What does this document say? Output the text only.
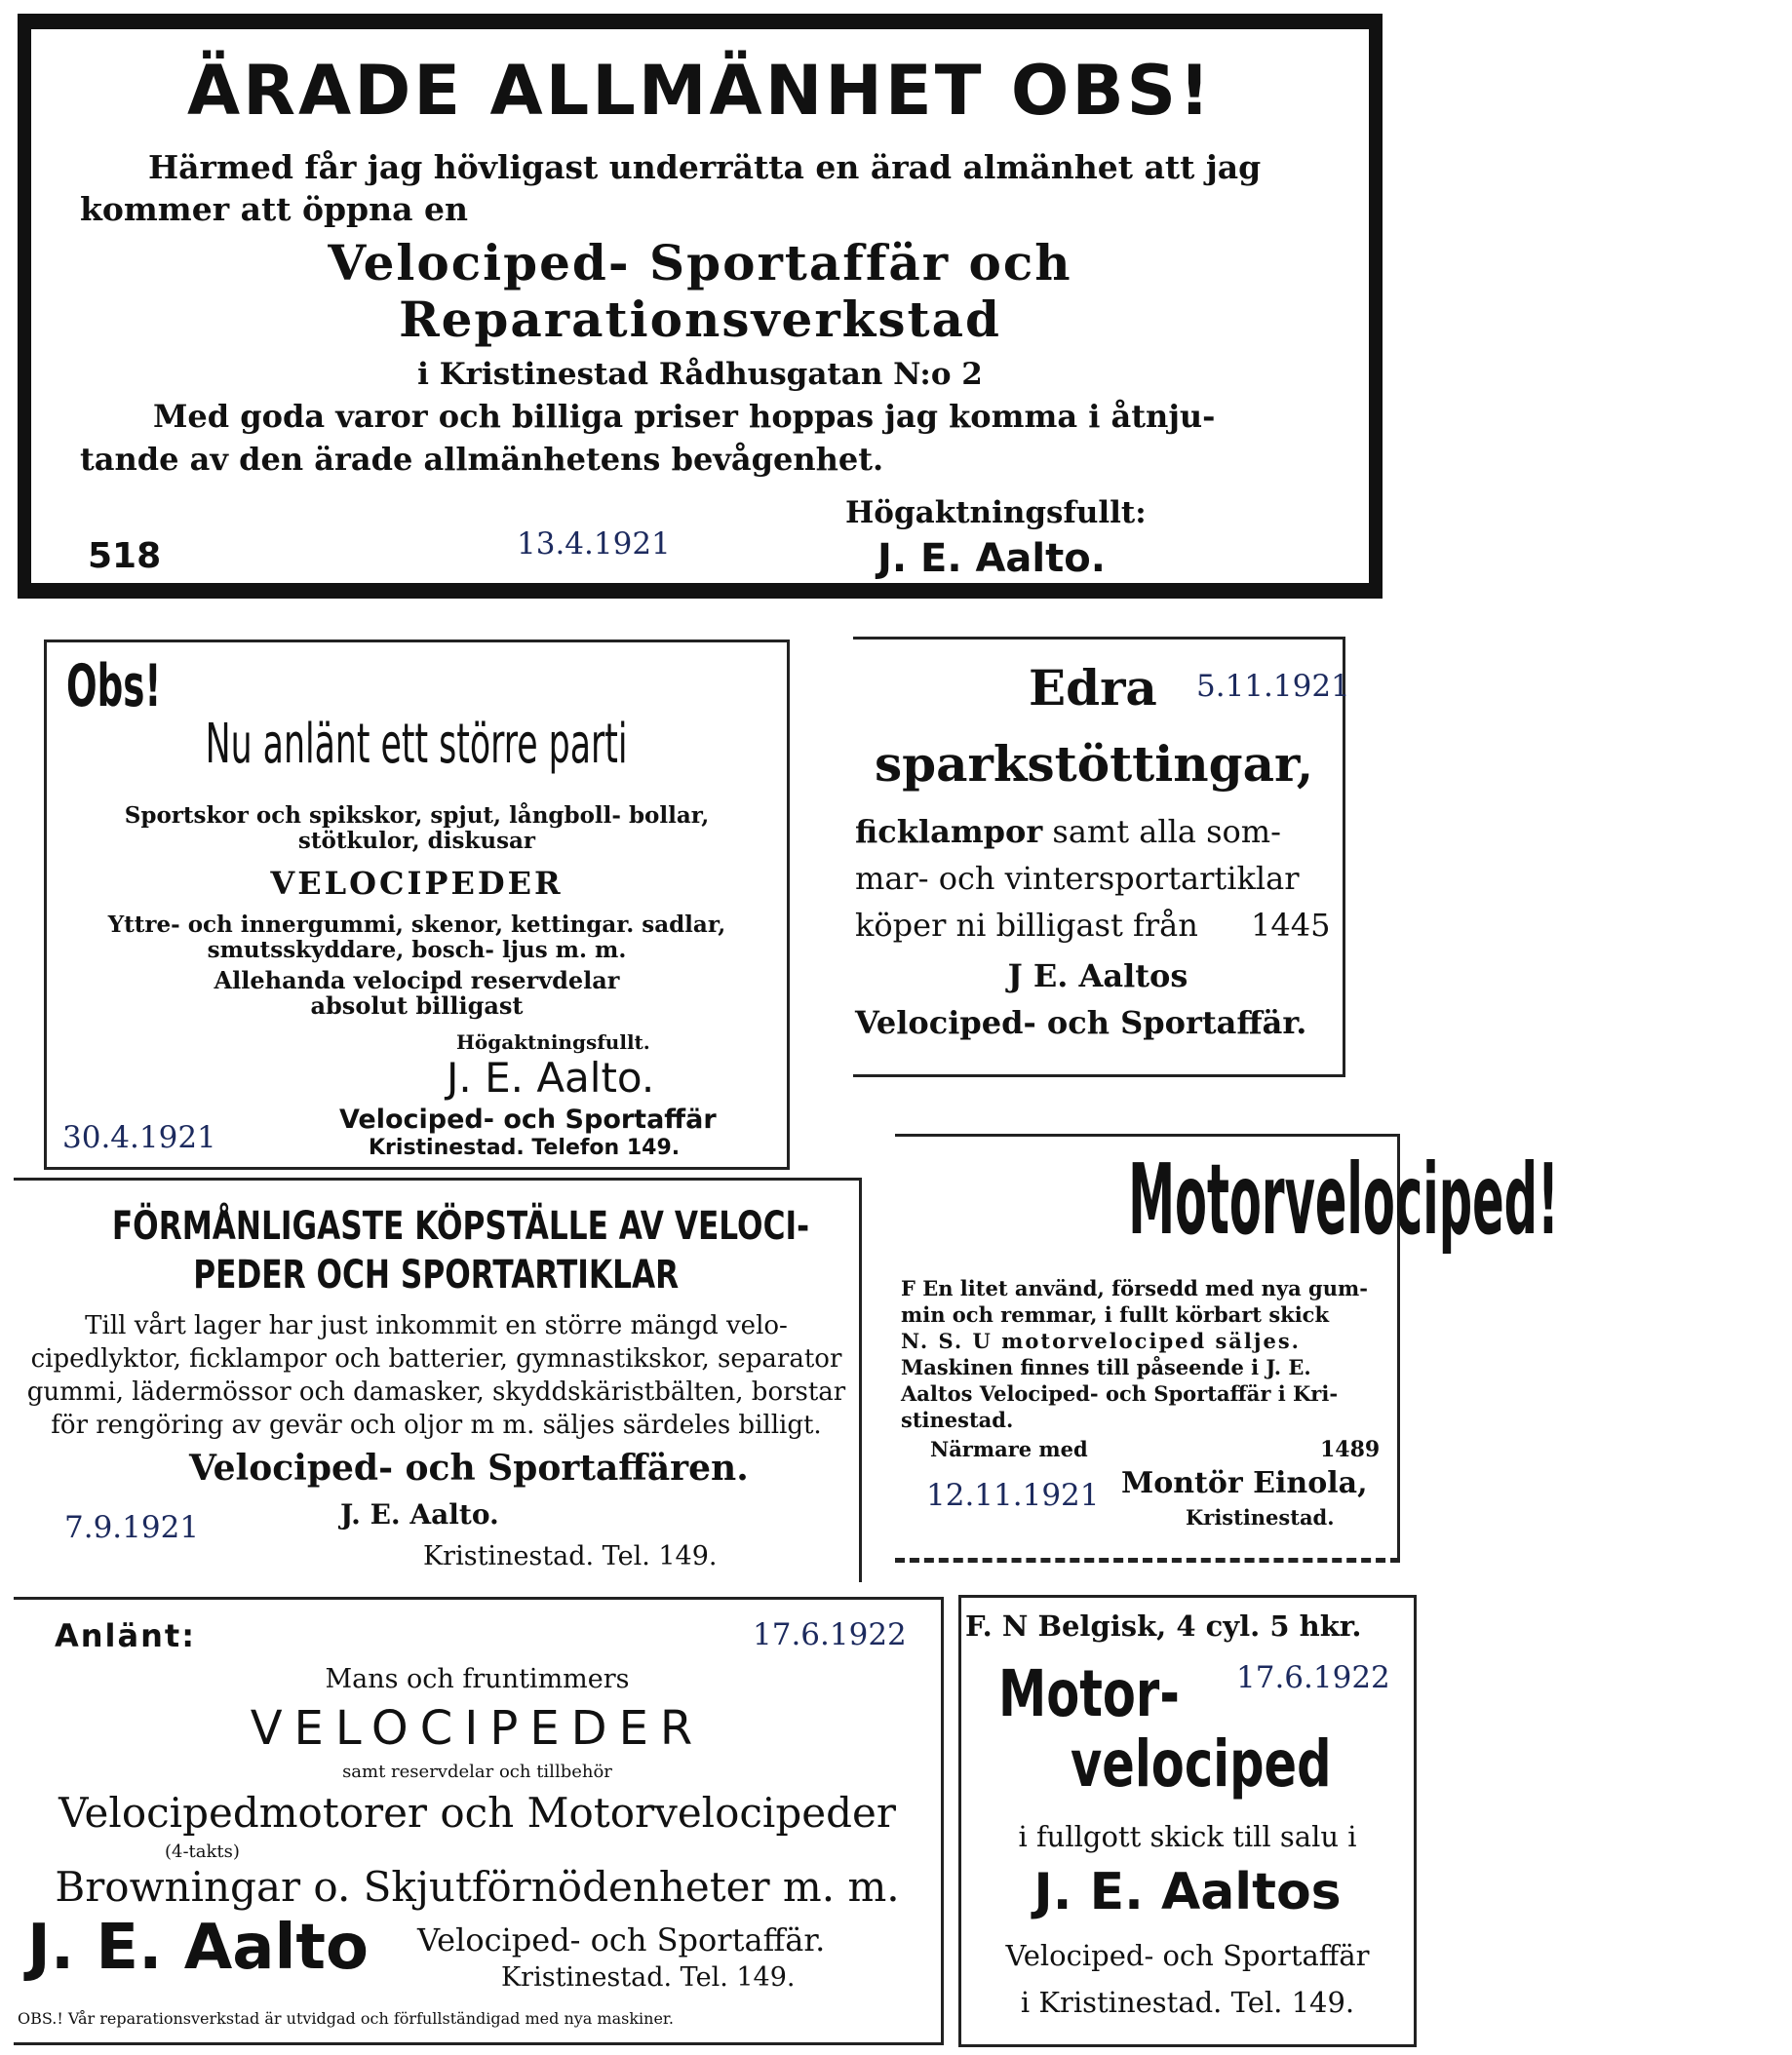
ÄRADE ALLMÄNHET OBS!
Härmed får jag hövligast underrätta en ärad almänhet att jag
kommer att öppna en
Veloсiped- Sportaffär och
Reparationsverkstad
i Kristinestad Rådhusgatan N:o 2
Med goda varor och billiga priser hoppas jag komma i åtnju-
tande av den ärade allmänhetens bevågenhet.
Högaktningsfullt:
518	13.4.1921	J. E. Aalto.
Obs!
Nu anlänt ett större parti
Sportskor och spikskor, spjut, långboll- bollar,
stötkulor, diskusar
VELOCIPEDER
Yttre- och innergummi, skenor, kettingar. sadlar,
smutsskyddare, bosch- ljus m. m.
Allehanda velocipd reservdelar
absolut billigast
Högaktningsfullt.
J. E. Aalto.
Velociped- och Sportaffär
Kristinestad. Telefon 149.
30.4.1921
Edra 5.11.1921
sparkstöttingar,
ficklampor samt alla som-
mar- och vintersportartiklar
köper ni billigast från 1445
J E. Aaltos
Velociped- och Sportaffär.
FÖRMÅNLIGASTE KÖPSTÄLLE AV VELOCI-
PEDER OCH SPORTARTIKLAR
Till vårt lager har just inkommit en större mängd velo-
cipedlyktor, ficklampor och batterier, gymnastikskor, separator
gummi, lädermössor och damasker, skyddskäristbälten, borstar
för rengöring av gevär och oljor m m. säljes särdeles billigt.
Velociped- och Sportaffären.
J. E. Aalto.
7.9.1921
Kristinestad. Tel. 149.
Motorveloсiped!
F En litet använd, försedd med nya gum-
min och remmar, i fullt körbart skick
N. S. U motorvelociped säljes.
Maskinen finnes till påseende i J. E.
Aaltos Velociped- och Sportaffär i Kri-
stinestad.
Närmare med	1489
12.11.1921 Montör Einola,
Kristinestad.
Anlänt:	17.6.1922
Mans och fruntimmers
VELOCIPEDER
samt reservdelar och tillbehör
Velocipedmotorer och Motorvelocipeder
(4-takts)
Browningar o. Skjutförnödenheter m. m.
J. E. Aalto Velociped- och Sportaffär.
Kristinestad. Tel. 149.
OBS.! Vår reparationsverkstad är utvidgad och förfullständigad med nya maskiner.
F. N Belgisk, 4 cyl. 5 hkr.
Motor-	17.6.1922
velociped
i fullgott skick till salu i
J. E. Aaltos
Velociped- och Sportaffär
i Kristinestad. Tel. 149.
